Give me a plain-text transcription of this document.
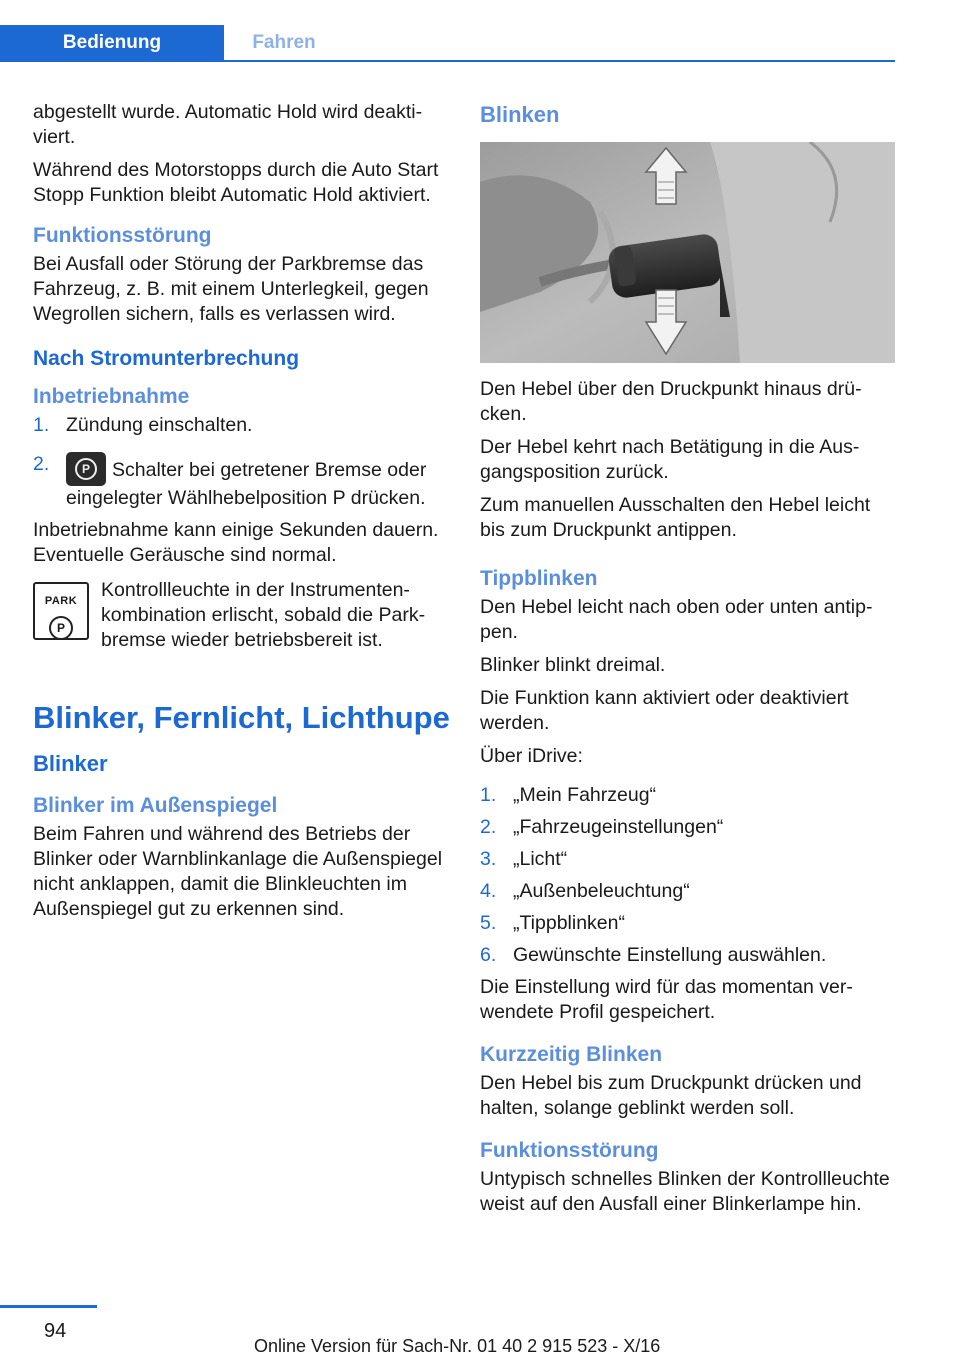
Bedienung	Fahren

abgestellt wurde. Automatic Hold wird deaktiviert.

Während des Motorstopps durch die Auto Start Stopp Funktion bleibt Automatic Hold aktiviert.

Funktionsstörung

Bei Ausfall oder Störung der Parkbremse das Fahrzeug, z. B. mit einem Unterlegkeil, gegen Wegrollen sichern, falls es verlassen wird.

Nach Stromunterbrechung
Inbetriebnahme
1. Zündung einschalten.
2.	P	Schalter bei getretener Bremse oder eingelegter Wählhebelposition P drücken.

Inbetriebnahme kann einige Sekunden dauern. Eventuelle Geräusche sind normal.

PARK
P

Kontrollleuchte in der Instrumentenkombination erlischt, sobald die Parkbremse wieder betriebsbereit ist.

Blinker, Fernlicht, Lichthupe
Blinker
Blinker im Außenspiegel

Beim Fahren und während des Betriebs der Blinker oder Warnblinkanlage die Außenspiegel nicht anklappen, damit die Blinkleuchten im Außenspiegel gut zu erkennen sind.

Blinken

Den Hebel über den Druckpunkt hinaus drücken.

Der Hebel kehrt nach Betätigung in die Ausgangsposition zurück.

Zum manuellen Ausschalten den Hebel leicht bis zum Druckpunkt antippen.

Tippblinken

Den Hebel leicht nach oben oder unten antippen.

Blinker blinkt dreimal.

Die Funktion kann aktiviert oder deaktiviert werden.

Über iDrive:

1. „Mein Fahrzeug“
2. „Fahrzeugeinstellungen“
3. „Licht“
4. „Außenbeleuchtung“
5. „Tippblinken“
6. Gewünschte Einstellung auswählen.

Die Einstellung wird für das momentan verwendete Profil gespeichert.

Kurzzeitig Blinken

Den Hebel bis zum Druckpunkt drücken und halten, solange geblinkt werden soll.

Funktionsstörung

Untypisch schnelles Blinken der Kontrollleuchte weist auf den Ausfall einer Blinkerlampe hin.

94
Online Version für Sach-Nr. 01 40 2 915 523 - X/16
